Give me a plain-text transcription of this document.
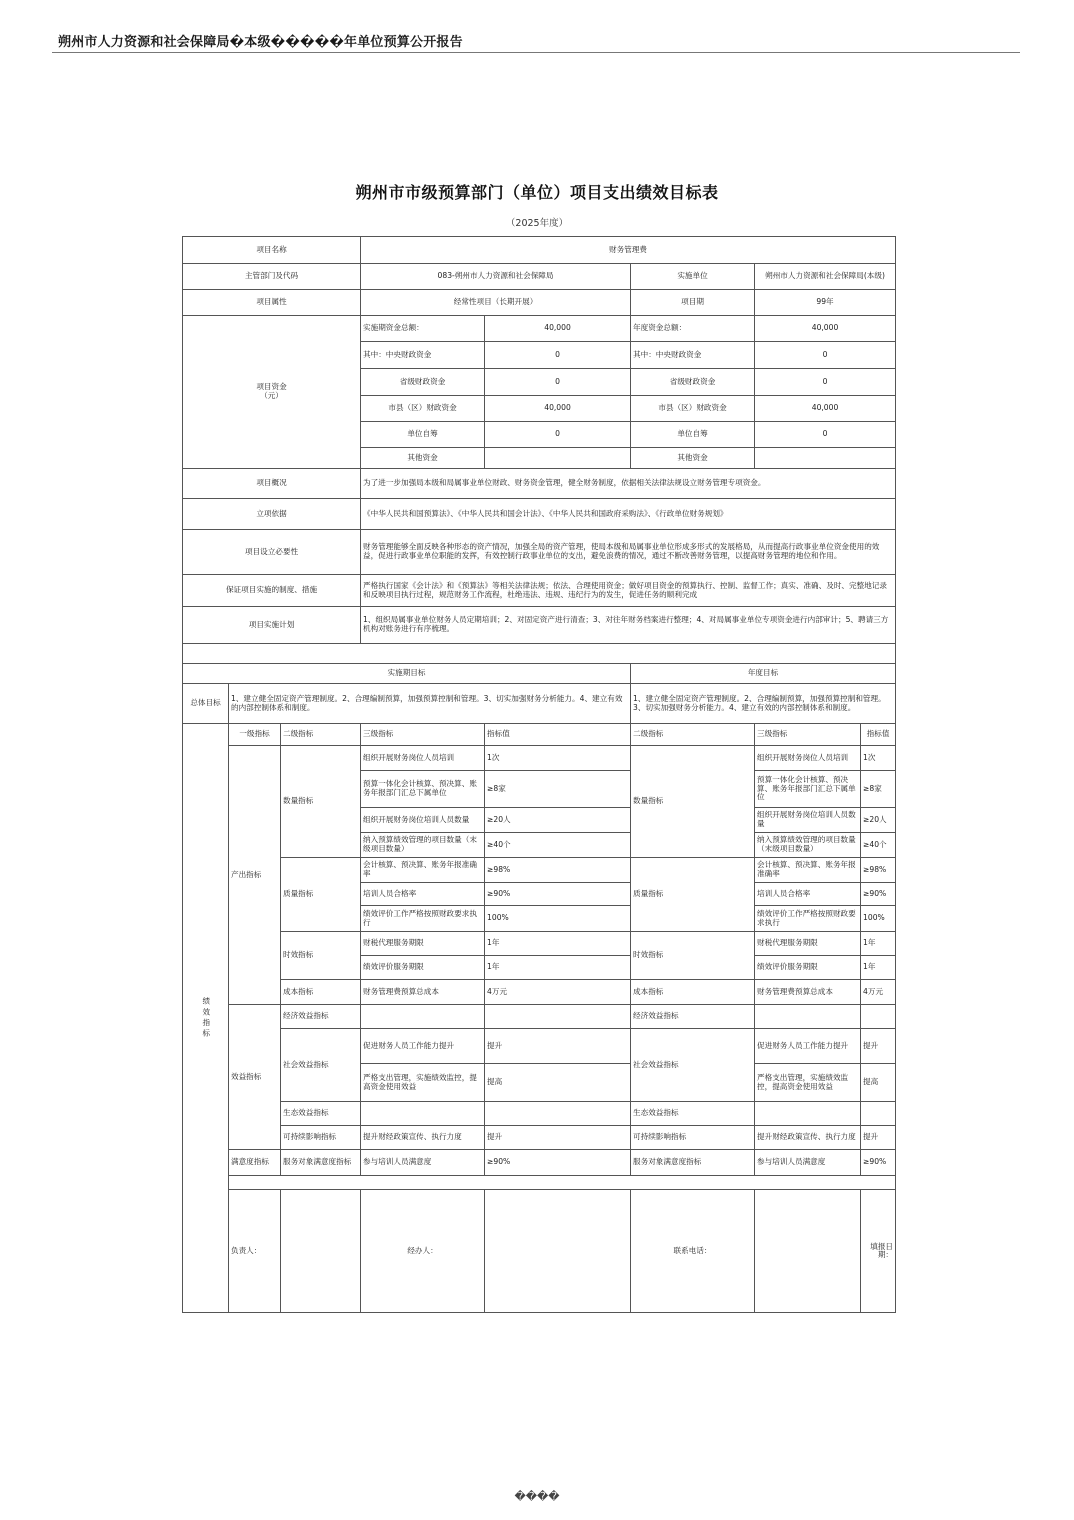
朔州市人力资源和社会保障局�本级�����年单位预算公开报告
朔州市市级预算部门（单位）项目支出绩效目标表
（2025年度）
项目名称			财务管理费					
主管部门及代码			083-朔州市人力资源和社会保障局		实施单位	朔州市人力资源和社会保障局(本级)		
项目属性			经常性项目（长期开展）		项目期	99年		
项目资金
（元）			实施期资金总额：	40,000	年度资金总额：	40,000		
			其中：中央财政资金	0	其中：中央财政资金	0		
			省级财政资金	0	省级财政资金	0		
			市县（区）财政资金	40,000	市县（区）财政资金	40,000		
			单位自筹	0	单位自筹	0		
			其他资金		其他资金			
项目概况			为了进一步加强局本级和局属事业单位财政、财务资金管理，健全财务制度，依据相关法律法规设立财务管理专项资金。					
立项依据			《中华人民共和国预算法》、《中华人民共和国会计法》、《中华人民共和国政府采购法》、《行政单位财务规划》					
项目设立必要性			财务管理能够全面反映各种形态的资产情况，加强全局的资产管理，使局本级和局属事业单位形成多形式的发展格局，从而提高行政事业单位资金使用的效益，促进行政事业单位职能的发挥，有效控制行政事业单位的支出，避免浪费的情况，通过不断改善财务管理，以提高财务管理的地位和作用。					
保证项目实施的制度、措施			严格执行国家《会计法》和《预算法》等相关法律法规；依法、合理使用资金；做好项目资金的预算执行、控制、监督工作；真实、准确、及时、完整地记录和反映项目执行过程，规范财务工作流程，杜绝违法、违规、违纪行为的发生，促进任务的顺利完成					
项目实施计划			1、组织局属事业单位财务人员定期培训；2、对固定资产进行清查；3、对往年财务档案进行整理；4、对局属事业单位专项资金进行内部审计；5、聘请三方机构对账务进行有序梳理。					

实施期目标					年度目标			
总体目标	1、建立健全固定资产管理制度。2、合理编制预算，加强预算控制和管理。3、切实加强财务分析能力。4、建立有效的内部控制体系和制度。				1、建立健全固定资产管理制度。2、合理编制预算，加强预算控制和管理。3、切实加强财务分析能力。4、建立有效的内部控制体系和制度。			
绩效指标	一级指标	二级指标	三级指标	指标值	二级指标	三级指标	指标值	
	产出指标	数量指标	组织开展财务岗位人员培训	1次	数量指标	组织开展财务岗位人员培训	1次	
			预算一体化会计核算、预决算、账务年报部门汇总下属单位	≥8家		预算一体化会计核算、预决算、账务年报部门汇总下属单位	≥8家	
			组织开展财务岗位培训人员数量	≥20人		组织开展财务岗位培训人员数量	≥20人	
			纳入预算绩效管理的项目数量（末级项目数量）	≥40个		纳入预算绩效管理的项目数量（末级项目数量）	≥40个	
		质量指标	会计核算、预决算、账务年报准确率	≥98%	质量指标	会计核算、预决算、账务年报准确率	≥98%	
			培训人员合格率	≥90%		培训人员合格率	≥90%	
			绩效评价工作严格按照财政要求执行	100%		绩效评价工作严格按照财政要求执行	100%	
		时效指标	财税代理服务期限	1年	时效指标	财税代理服务期限	1年	
			绩效评价服务期限	1年		绩效评价服务期限	1年	
		成本指标	财务管理费预算总成本	4万元	成本指标	财务管理费预算总成本	4万元	
	效益指标	经济效益指标			经济效益指标			
		社会效益指标	促进财务人员工作能力提升	提升	社会效益指标	促进财务人员工作能力提升	提升	
			严格支出管理，实施绩效监控，提高资金使用效益	提高		严格支出管理，实施绩效监控，提高资金使用效益	提高	
		生态效益指标			生态效益指标			
		可持续影响指标	提升财经政策宣传、执行力度	提升	可持续影响指标	提升财经政策宣传、执行力度	提升	
	满意度指标	服务对象满意度指标	参与培训人员满意度	≥90%	服务对象满意度指标	参与培训人员满意度	≥90%	

	负责人：		经办人：		联系电话：		填报日期：	
����
